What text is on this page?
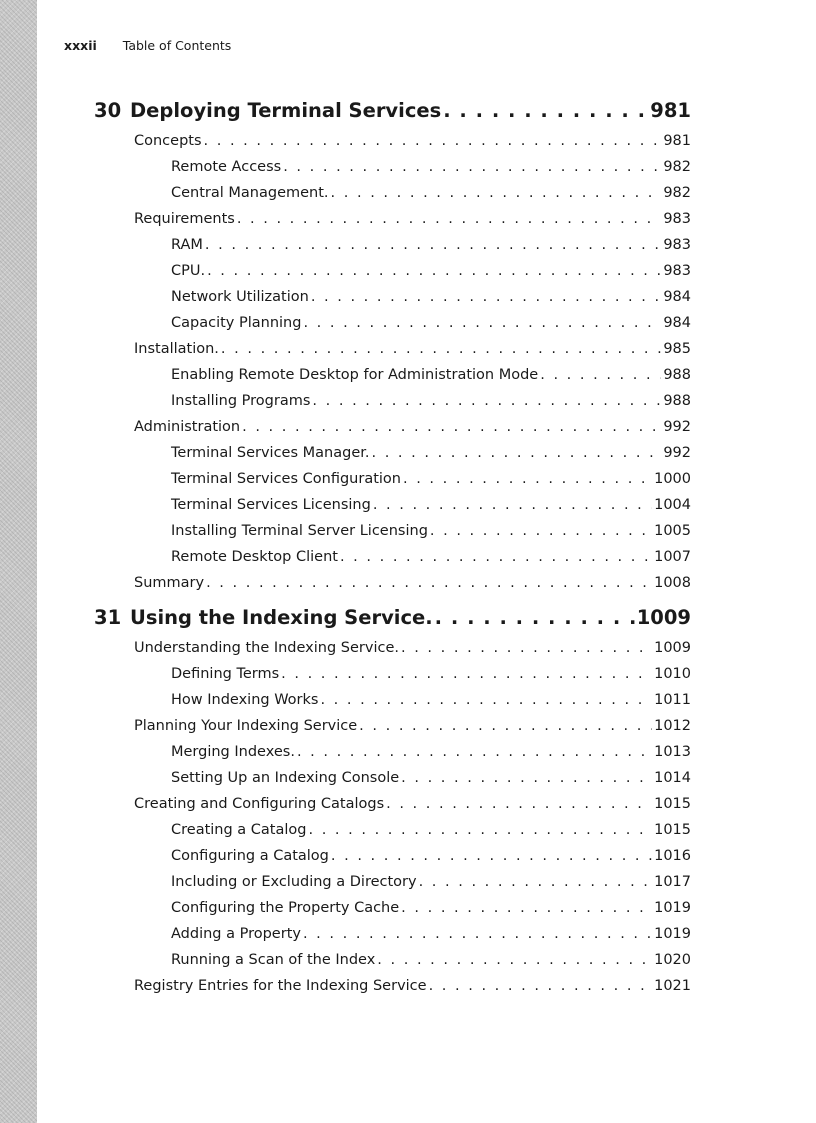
xxxii Table of Contents
30 Deploying Terminal Services . . .	981
Concepts . . .	981
Remote Access . . .	982
Central Management. . . .	982
Requirements . . .	983
RAM . . .	983
CPU. . . .	983
Network Utilization . . .	984
Capacity Planning . . .	984
Installation. . . .	985
Enabling Remote Desktop for Administration Mode . . .	988
Installing Programs . . .	988
Administration . . .	992
Terminal Services Manager. . . .	992
Terminal Services Configuration . . .	1000
Terminal Services Licensing . . .	1004
Installing Terminal Server Licensing . . .	1005
Remote Desktop Client . . .	1007
Summary . . .	1008
31 Using the Indexing Service. . . .	1009
Understanding the Indexing Service. . . .	1009
Defining Terms . . .	1010
How Indexing Works . . .	1011
Planning Your Indexing Service . . .	1012
Merging Indexes. . . .	1013
Setting Up an Indexing Console . . .	1014
Creating and Configuring Catalogs . . .	1015
Creating a Catalog . . .	1015
Configuring a Catalog . . .	1016
Including or Excluding a Directory . . .	1017
Configuring the Property Cache . . .	1019
Adding a Property . . .	1019
Running a Scan of the Index . . .	1020
Registry Entries for the Indexing Service . . .	1021
